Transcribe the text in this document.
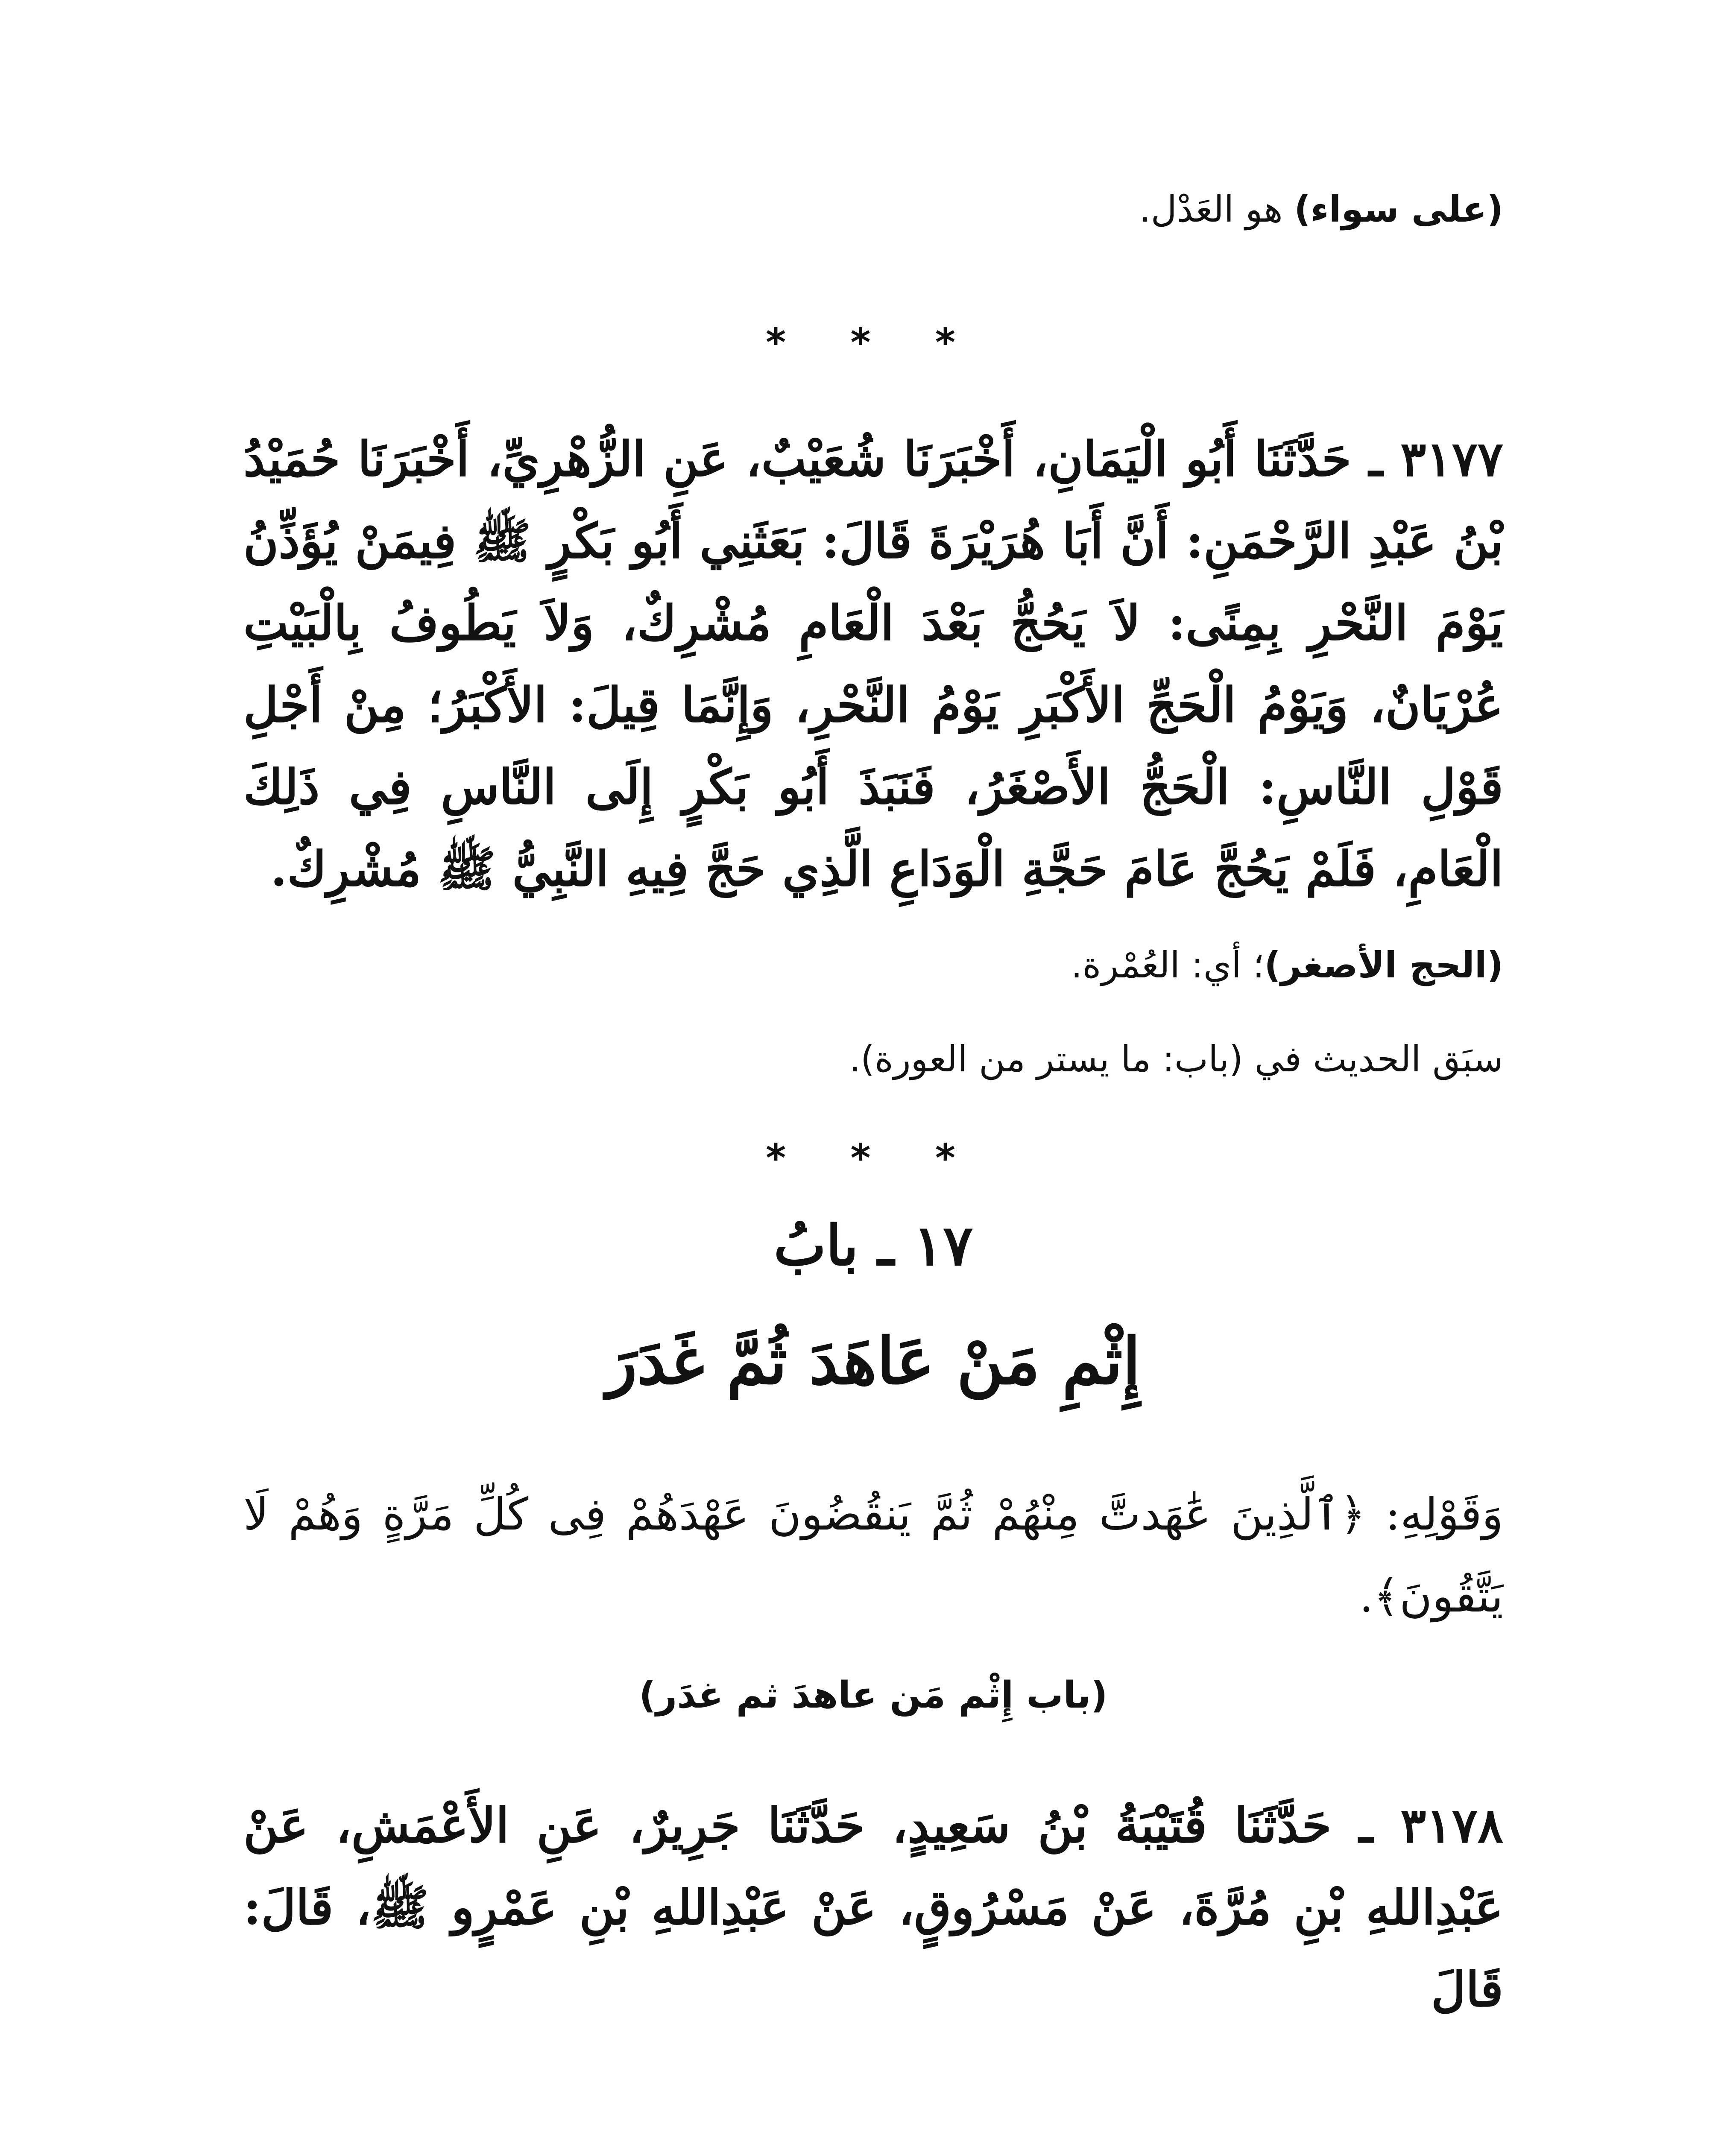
(على سواء) هو العَدْل.
* * *
٣١٧٧ ـ حَدَّثَنَا أَبُو الْيَمَانِ، أَخْبَرَنَا شُعَيْبٌ، عَنِ الزُّهْرِيِّ، أَخْبَرَنَا حُمَيْدُ بْنُ عَبْدِ الرَّحْمَنِ: أَنَّ أَبَا هُرَيْرَةَ قَالَ: بَعَثَنِي أَبُو بَكْرٍ ﷺ فِيمَنْ يُؤَذِّنُ يَوْمَ النَّحْرِ بِمِنًى: لاَ يَحُجُّ بَعْدَ الْعَامِ مُشْرِكٌ، وَلاَ يَطُوفُ بِالْبَيْتِ عُرْيَانٌ، وَيَوْمُ الْحَجِّ الأَكْبَرِ يَوْمُ النَّحْرِ، وَإِنَّمَا قِيلَ: الأَكْبَرُ؛ مِنْ أَجْلِ قَوْلِ النَّاسِ: الْحَجُّ الأَصْغَرُ، فَنَبَذَ أَبُو بَكْرٍ إِلَى النَّاسِ فِي ذَلِكَ الْعَامِ، فَلَمْ يَحُجَّ عَامَ حَجَّةِ الْوَدَاعِ الَّذِي حَجَّ فِيهِ النَّبِيُّ ﷺ مُشْرِكٌ.
(الحج الأصغر)؛ أي: العُمْرة.
سبَق الحديث في (باب: ما يستر من العورة).
* * *
١٧ ـ بابُ
إِثْمِ مَنْ عَاهَدَ ثُمَّ غَدَرَ
وَقَوْلِهِ: ﴿ٱلَّذِينَ عَٰهَدتَّ مِنْهُمْ ثُمَّ يَنقُضُونَ عَهْدَهُمْ فِى كُلِّ مَرَّةٍ وَهُمْ لَا يَتَّقُونَ﴾.
(باب إِثْم مَن عاهدَ ثم غدَر)
٣١٧٨ ـ حَدَّثَنَا قُتَيْبَةُ بْنُ سَعِيدٍ، حَدَّثَنَا جَرِيرٌ، عَنِ الأَعْمَشِ، عَنْ عَبْدِاللهِ بْنِ مُرَّةَ، عَنْ مَسْرُوقٍ، عَنْ عَبْدِاللهِ بْنِ عَمْرٍو ﷺ، قَالَ: قَالَ
